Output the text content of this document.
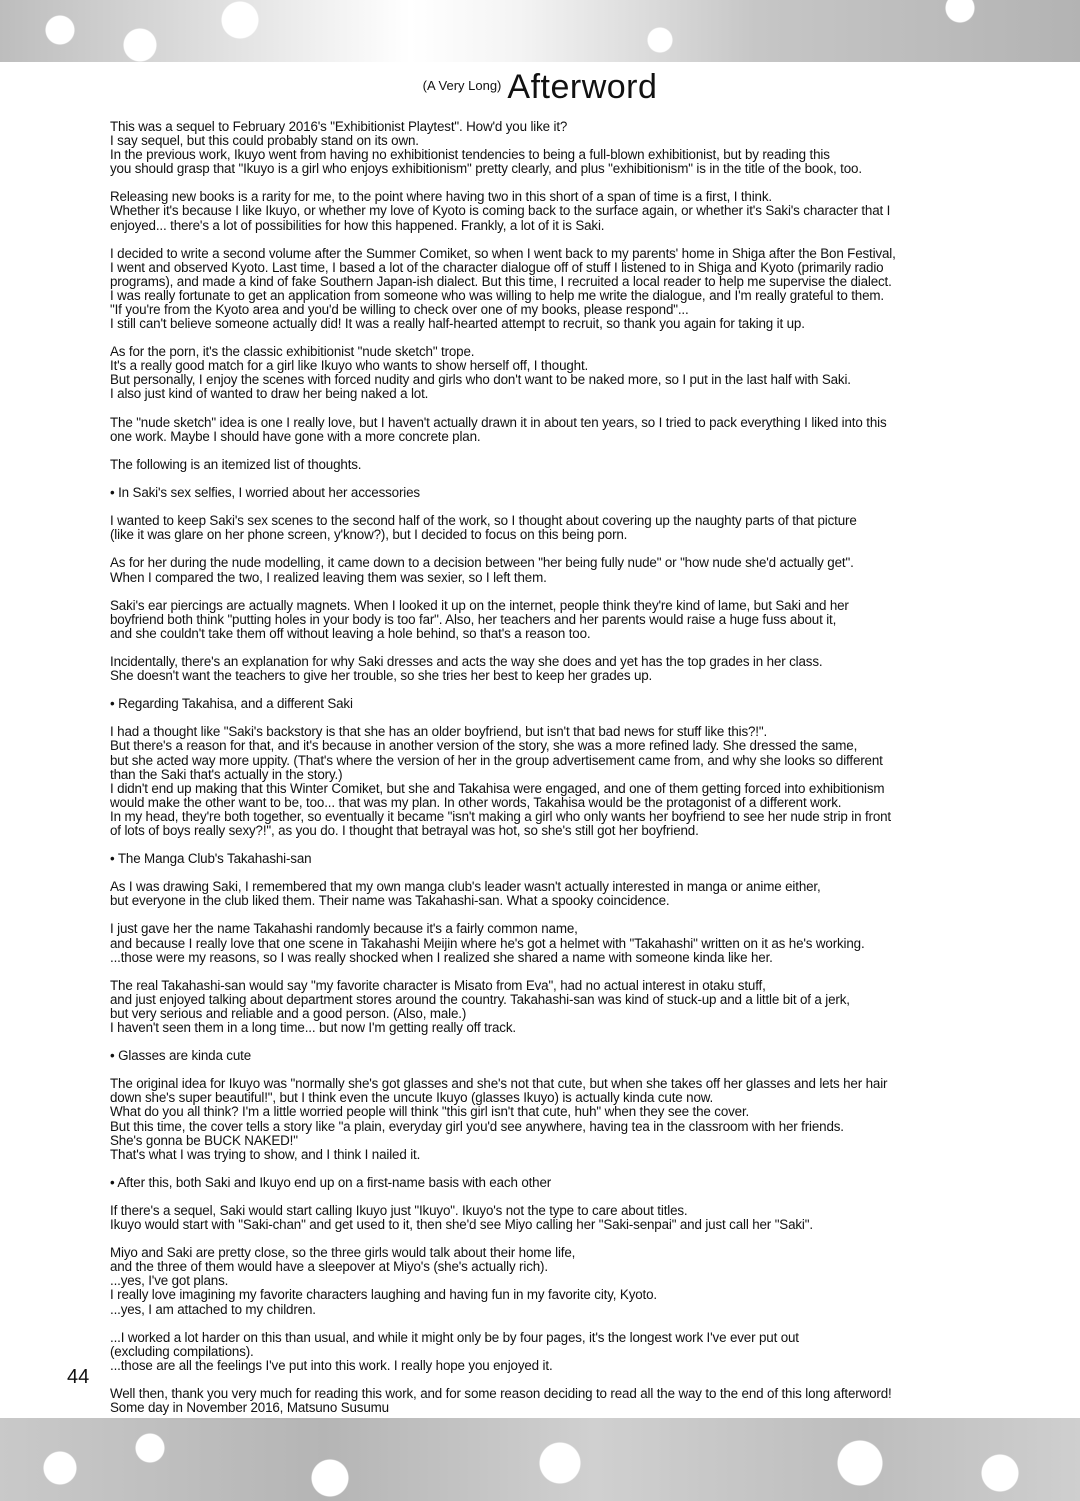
$^{(A Very Long)}$ Afterword
This was a sequel to February 2016's "Exhibitionist Playtest". How'd you like it?
I say sequel, but this could probably stand on its own.
In the previous work, Ikuyo went from having no exhibitionist tendencies to being a full-blown exhibitionist, but by reading this
you should grasp that "Ikuyo is a girl who enjoys exhibitionism" pretty clearly, and plus "exhibitionism" is in the title of the book, too.
Releasing new books is a rarity for me, to the point where having two in this short of a span of time is a first, I think.
Whether it's because I like Ikuyo, or whether my love of Kyoto is coming back to the surface again, or whether it's Saki's character that I
enjoyed... there's a lot of possibilities for how this happened. Frankly, a lot of it is Saki.
I decided to write a second volume after the Summer Comiket, so when I went back to my parents' home in Shiga after the Bon Festival,
I went and observed Kyoto. Last time, I based a lot of the character dialogue off of stuff I listened to in Shiga and Kyoto (primarily radio
programs), and made a kind of fake Southern Japan-ish dialect. But this time, I recruited a local reader to help me supervise the dialect.
I was really fortunate to get an application from someone who was willing to help me write the dialogue, and I'm really grateful to them.
"If you're from the Kyoto area and you'd be willing to check over one of my books, please respond"...
I still can't believe someone actually did! It was a really half-hearted attempt to recruit, so thank you again for taking it up.
As for the porn, it's the classic exhibitionist "nude sketch" trope.
It's a really good match for a girl like Ikuyo who wants to show herself off, I thought.
But personally, I enjoy the scenes with forced nudity and girls who don't want to be naked more, so I put in the last half with Saki.
I also just kind of wanted to draw her being naked a lot.
The "nude sketch" idea is one I really love, but I haven't actually drawn it in about ten years, so I tried to pack everything I liked into this
one work. Maybe I should have gone with a more concrete plan.
The following is an itemized list of thoughts.
• In Saki's sex selfies, I worried about her accessories
I wanted to keep Saki's sex scenes to the second half of the work, so I thought about covering up the naughty parts of that picture
(like it was glare on her phone screen, y'know?), but I decided to focus on this being porn.
As for her during the nude modelling, it came down to a decision between "her being fully nude" or "how nude she'd actually get".
When I compared the two, I realized leaving them was sexier, so I left them.
Saki's ear piercings are actually magnets. When I looked it up on the internet, people think they're kind of lame, but Saki and her
boyfriend both think "putting holes in your body is too far". Also, her teachers and her parents would raise a huge fuss about it,
and she couldn't take them off without leaving a hole behind, so that's a reason too.
Incidentally, there's an explanation for why Saki dresses and acts the way she does and yet has the top grades in her class.
She doesn't want the teachers to give her trouble, so she tries her best to keep her grades up.
• Regarding Takahisa, and a different Saki
I had a thought like "Saki's backstory is that she has an older boyfriend, but isn't that bad news for stuff like this?!".
But there's a reason for that, and it's because in another version of the story, she was a more refined lady. She dressed the same,
but she acted way more uppity. (That's where the version of her in the group advertisement came from, and why she looks so different
than the Saki that's actually in the story.)
I didn't end up making that this Winter Comiket, but she and Takahisa were engaged, and one of them getting forced into exhibitionism
would make the other want to be, too... that was my plan. In other words, Takahisa would be the protagonist of a different work.
In my head, they're both together, so eventually it became "isn't making a girl who only wants her boyfriend to see her nude strip in front
of lots of boys really sexy?!", as you do. I thought that betrayal was hot, so she's still got her boyfriend.
• The Manga Club's Takahashi-san
As I was drawing Saki, I remembered that my own manga club's leader wasn't actually interested in manga or anime either,
but everyone in the club liked them. Their name was Takahashi-san. What a spooky coincidence.
I just gave her the name Takahashi randomly because it's a fairly common name,
and because I really love that one scene in Takahashi Meijin where he's got a helmet with "Takahashi" written on it as he's working.
...those were my reasons, so I was really shocked when I realized she shared a name with someone kinda like her.
The real Takahashi-san would say "my favorite character is Misato from Eva", had no actual interest in otaku stuff,
and just enjoyed talking about department stores around the country. Takahashi-san was kind of stuck-up and a little bit of a jerk,
but very serious and reliable and a good person. (Also, male.)
I haven't seen them in a long time... but now I'm getting really off track.
• Glasses are kinda cute
The original idea for Ikuyo was "normally she's got glasses and she's not that cute, but when she takes off her glasses and lets her hair
down she's super beautiful!", but I think even the uncute Ikuyo (glasses Ikuyo) is actually kinda cute now.
What do you all think? I'm a little worried people will think "this girl isn't that cute, huh" when they see the cover.
But this time, the cover tells a story like "a plain, everyday girl you'd see anywhere, having tea in the classroom with her friends.
She's gonna be BUCK NAKED!"
That's what I was trying to show, and I think I nailed it.
• After this, both Saki and Ikuyo end up on a first-name basis with each other
If there's a sequel, Saki would start calling Ikuyo just "Ikuyo". Ikuyo's not the type to care about titles.
Ikuyo would start with "Saki-chan" and get used to it, then she'd see Miyo calling her "Saki-senpai" and just call her "Saki".
Miyo and Saki are pretty close, so the three girls would talk about their home life,
and the three of them would have a sleepover at Miyo's (she's actually rich).
...yes, I've got plans.
I really love imagining my favorite characters laughing and having fun in my favorite city, Kyoto.
...yes, I am attached to my children.
...I worked a lot harder on this than usual, and while it might only be by four pages, it's the longest work I've ever put out
(excluding compilations).
...those are all the feelings I've put into this work. I really hope you enjoyed it.
Well then, thank you very much for reading this work, and for some reason deciding to read all the way to the end of this long afterword!
Some day in November 2016, Matsuno Susumu
44
